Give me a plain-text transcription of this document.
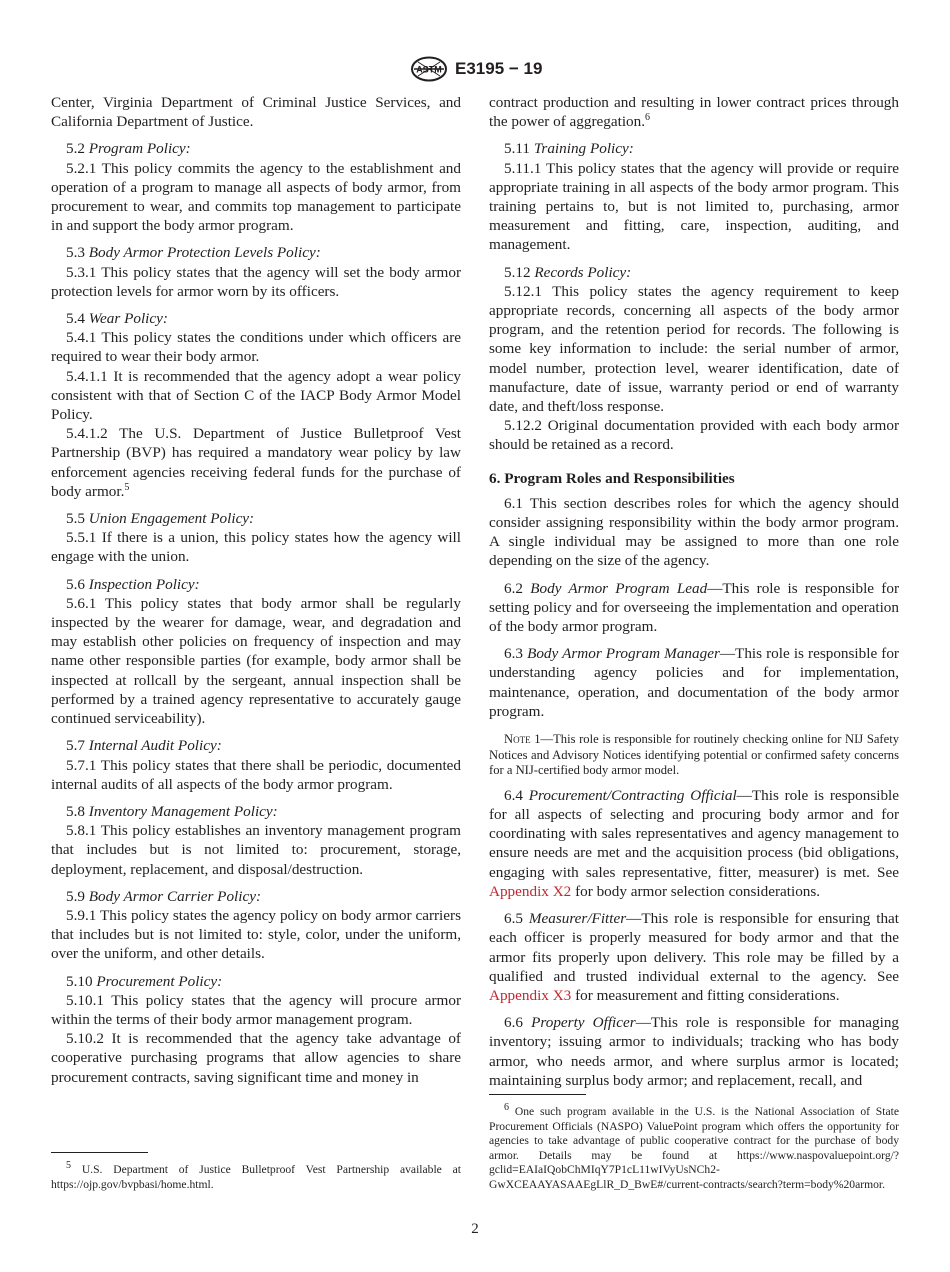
ASTM E3195 − 19

Center, Virginia Department of Criminal Justice Services, and California Department of Justice.

5.2 Program Policy:

5.2.1 This policy commits the agency to the establishment and operation of a program to manage all aspects of body armor, from procurement to wear, and commits top management to participate in and support the body armor program.

5.3 Body Armor Protection Levels Policy:

5.3.1 This policy states that the agency will set the body armor protection levels for armor worn by its officers.

5.4 Wear Policy:

5.4.1 This policy states the conditions under which officers are required to wear their body armor.

5.4.1.1 It is recommended that the agency adopt a wear policy consistent with that of Section C of the IACP Body Armor Model Policy.

5.4.1.2 The U.S. Department of Justice Bulletproof Vest Partnership (BVP) has required a mandatory wear policy by law enforcement agencies receiving federal funds for the purchase of body armor.$^5$

5.5 Union Engagement Policy:

5.5.1 If there is a union, this policy states how the agency will engage with the union.

5.6 Inspection Policy:

5.6.1 This policy states that body armor shall be regularly inspected by the wearer for damage, wear, and degradation and may establish other policies on frequency of inspection and may name other responsible parties (for example, body armor shall be inspected at rollcall by the sergeant, annual inspection shall be performed by a trained agency representative to accurately gauge continued serviceability).

5.7 Internal Audit Policy:

5.7.1 This policy states that there shall be periodic, documented internal audits of all aspects of the body armor program.

5.8 Inventory Management Policy:

5.8.1 This policy establishes an inventory management program that includes but is not limited to: procurement, storage, deployment, replacement, and disposal/destruction.

5.9 Body Armor Carrier Policy:

5.9.1 This policy states the agency policy on body armor carriers that includes but is not limited to: style, color, under the uniform, over the uniform, and other details.

5.10 Procurement Policy:

5.10.1 This policy states that the agency will procure armor within the terms of their body armor management program.

5.10.2 It is recommended that the agency take advantage of cooperative purchasing programs that allow agencies to share procurement contracts, saving significant time and money in

contract production and resulting in lower contract prices through the power of aggregation.$^6$

5.11 Training Policy:

5.11.1 This policy states that the agency will provide or require appropriate training in all aspects of the body armor program. This training pertains to, but is not limited to, purchasing, armor measurement and fitting, care, inspection, auditing, and management.

5.12 Records Policy:

5.12.1 This policy states the agency requirement to keep appropriate records, concerning all aspects of the body armor program, and the retention period for records. The following is some key information to include: the serial number of armor, model number, protection level, wearer identification, date of manufacture, date of issue, warranty period or end of warranty date, and theft/loss response.

5.12.2 Original documentation provided with each body armor should be retained as a record.

6. Program Roles and Responsibilities

6.1 This section describes roles for which the agency should consider assigning responsibility within the body armor program. A single individual may be assigned to more than one role depending on the size of the agency.

6.2 Body Armor Program Lead—This role is responsible for setting policy and for overseeing the implementation and operation of the body armor program.

6.3 Body Armor Program Manager—This role is responsible for understanding agency policies and for implementation, maintenance, operation, and documentation of the body armor program.

Note 1—This role is responsible for routinely checking online for NIJ Safety Notices and Advisory Notices identifying potential or confirmed safety concerns for a NIJ-certified body armor model.

6.4 Procurement/Contracting Official—This role is responsible for all aspects of selecting and procuring body armor and for coordinating with sales representatives and agency management to ensure needs are met and the acquisition process (bid obligations, engaging with sales representative, fitter, measurer) is met. See Appendix X2 for body armor selection considerations.

6.5 Measurer/Fitter—This role is responsible for ensuring that each officer is properly measured for body armor and that the armor fits properly upon delivery. This role may be filled by a qualified and trusted individual external to the agency. See Appendix X3 for measurement and fitting considerations.

6.6 Property Officer—This role is responsible for managing inventory; issuing armor to individuals; tracking who has body armor, who needs armor, and where surplus armor is located; maintaining surplus body armor; and replacement, recall, and

$^5$ U.S. Department of Justice Bulletproof Vest Partnership available at https://ojp.gov/bvpbasi/home.html.
$^6$ One such program available in the U.S. is the National Association of State Procurement Officials (NASPO) ValuePoint program which offers the opportunity for agencies to take advantage of public cooperative contract for the purchase of body armor. Details may be found at https://www.naspovaluepoint.org/?gclid=EAIaIQobChMIqY7P1cL11wIVyUsNCh2-GwXCEAAYASAAEgLlR_D_BwE#/current-contracts/search?term=body%20armor.
2
